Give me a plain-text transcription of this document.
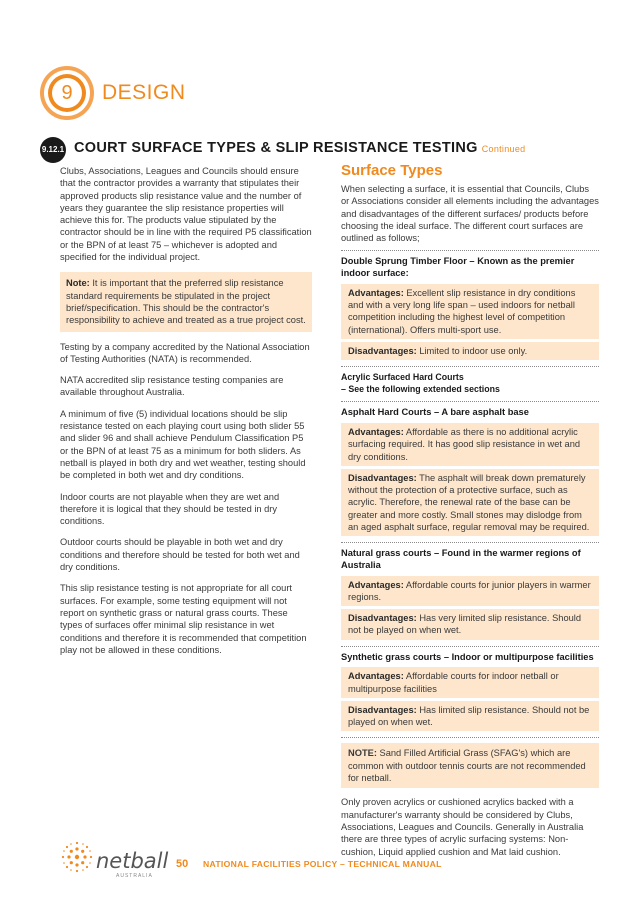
9	DESIGN
9.12.1 COURT SURFACE TYPES & SLIP RESISTANCE TESTING Continued

Clubs, Associations, Leagues and Councils should ensure that the contractor provides a warranty that stipulates their approved products slip resistance value and the number of years they guarantee the slip resistance properties will achieve this for. The products value stipulated by the contractor should be in line with the required P5 classification or the BPN of at least 75 – whichever is adopted and specified for the individual project.

Note: It is important that the preferred slip resistance standard requirements be stipulated in the project brief/specification. This should be the contractor's responsibility to achieve and treated as a true project cost.

Testing by a company accredited by the National Association of Testing Authorities (NATA) is recommended.

NATA accredited slip resistance testing companies are available throughout Australia.

A minimum of five (5) individual locations should be slip resistance tested on each playing court using both slider 55 and slider 96 and shall achieve Pendulum Classification P5 or the BPN of at least 75 as a minimum for both sliders. As netball is played in both dry and wet weather, testing should be completed in both wet and dry conditions.

Indoor courts are not playable when they are wet and therefore it is logical that they should be tested in dry conditions.

Outdoor courts should be playable in both wet and dry conditions and therefore should be tested for both wet and dry conditions.

This slip resistance testing is not appropriate for all court surfaces. For example, some testing equipment will not report on synthetic grass or natural grass courts. These types of surfaces offer minimal slip resistance in wet conditions and therefore it is recommended that competition play not be allowed in these conditions.

Surface Types

When selecting a surface, it is essential that Councils, Clubs or Associations consider all elements including the advantages and disadvantages of the different surfaces/ products before choosing the ideal surface. The different court surfaces are outlined as follows;

Double Sprung Timber Floor – Known as the premier indoor surface:
Advantages: Excellent slip resistance in dry conditions and with a very long life span – used indoors for netball competition including the highest level of competition (international). Offers multi-sport use.
Disadvantages: Limited to indoor use only.
Acrylic Surfaced Hard Courts
– See the following extended sections
Asphalt Hard Courts – A bare asphalt base
Advantages: Affordable as there is no additional acrylic surfacing required. It has good slip resistance in wet and dry conditions.
Disadvantages: The asphalt will break down prematurely without the protection of a protective surface, such as acrylic. Therefore, the renewal rate of the base can be greater and more costly. Small stones may dislodge from an aged asphalt surface, regular removal may be required.
Natural grass courts – Found in the warmer regions of Australia
Advantages: Affordable courts for junior players in warmer regions.
Disadvantages: Has very limited slip resistance. Should not be played on when wet.
Synthetic grass courts – Indoor or multipurpose facilities
Advantages: Affordable courts for indoor netball or multipurpose facilities
Disadvantages: Has limited slip resistance. Should not be played on when wet.
NOTE: Sand Filled Artificial Grass (SFAG's) which are common with outdoor tennis courts are not recommended for netball.

Only proven acrylics or cushioned acrylics backed with a manufacturer's warranty should be considered by Clubs, Associations, Leagues and Councils. Generally in Australia there are three types of acrylic surfacing systems: Non-cushion, Liquid applied cushion and Mat laid cushion.

netball
AUSTRALIA
50 NATIONAL FACILITIES POLICY – TECHNICAL MANUAL
